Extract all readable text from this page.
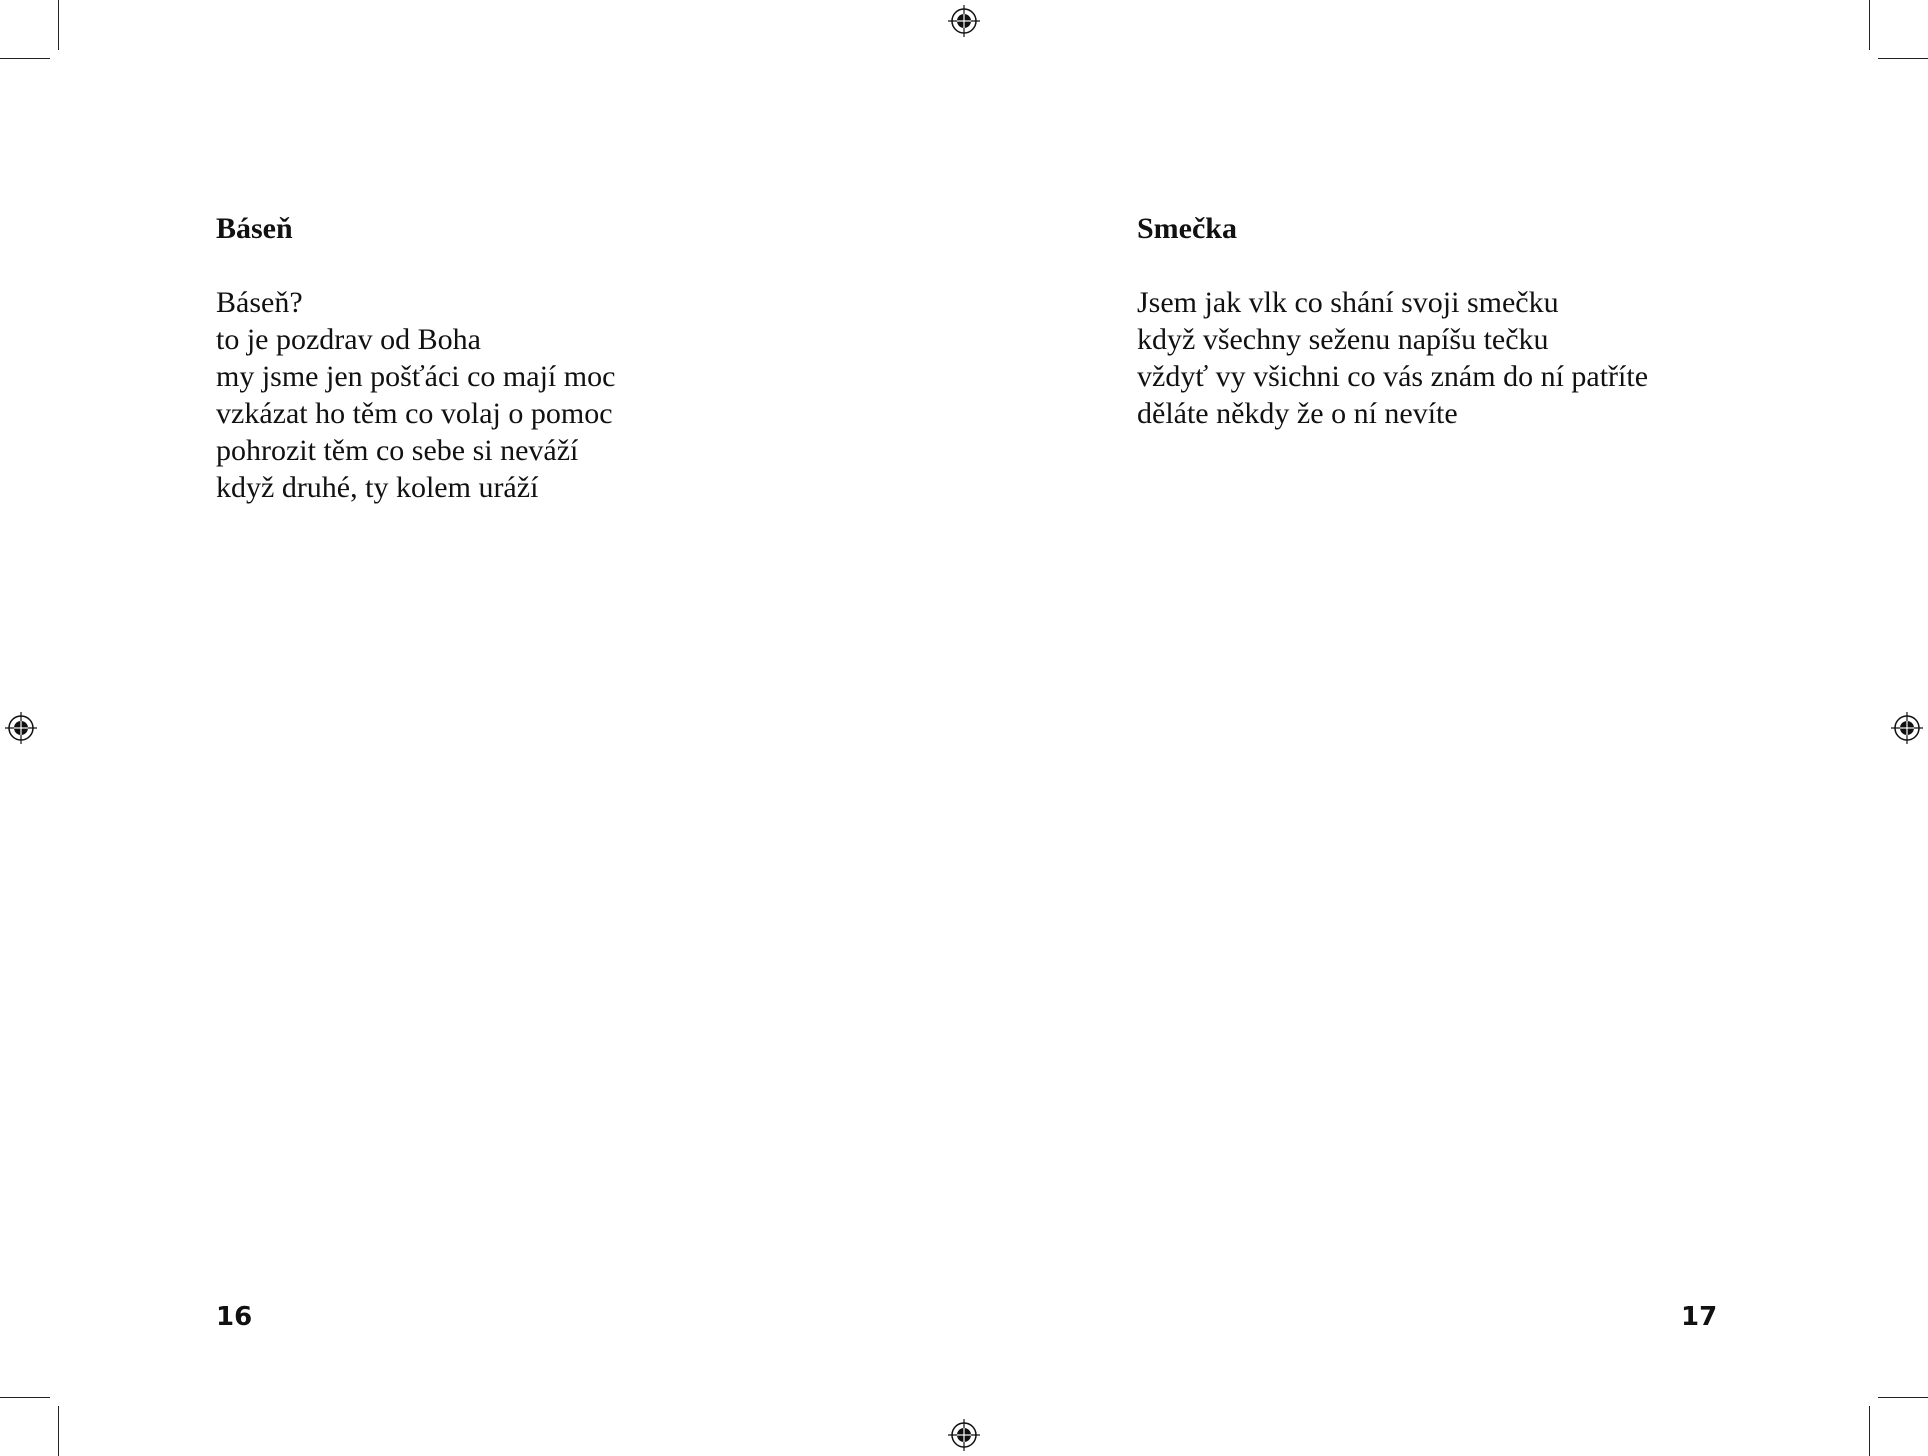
Báseň
Báseň?
to je pozdrav od Boha
my jsme jen pošťáci co mají moc
vzkázat ho těm co volaj o pomoc
pohrozit těm co sebe si neváží
když druhé, ty kolem uráží
16
Smečka
Jsem jak vlk co shání svoji smečku
když všechny seženu napíšu tečku
vždyť vy všichni co vás znám do ní patříte
děláte někdy že o ní nevíte
17
